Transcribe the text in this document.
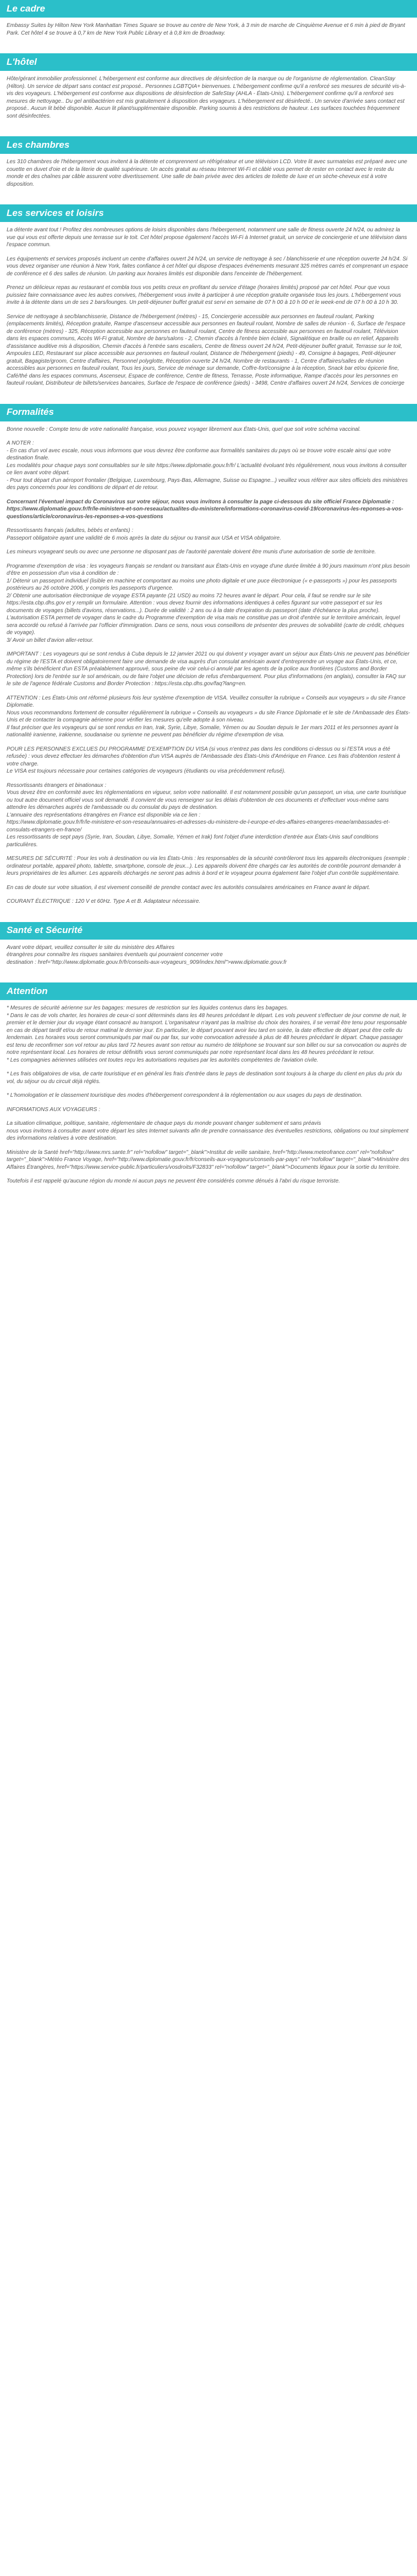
Le cadre

Embassy Suites by Hilton New York Manhattan Times Square se trouve au centre de New York, à 3 min de marche de Cinquième Avenue et 6 min à pied de Bryant Park. Cet hôtel 4 se trouve à 0,7 km de New York Public Library et à 0,8 km de Broadway.

L'hôtel

Hôte/gérant immobilier professionnel. L'hébergement est conforme aux directives de désinfection de la marque ou de l'organisme de réglementation. CleanStay (Hilton). Un service de départ sans contact est proposé.. Personnes LGBTQIA+ bienvenues. L'hébergement confirme qu'il a renforcé ses mesures de sécurité vis-à-vis des voyageurs. L'hébergement est conforme aux dispositions de désinfection de SafeStay (AHLA - États-Unis). L'hébergement confirme qu'il a renforcé ses mesures de nettoyage.. Du gel antibactérien est mis gratuitement à disposition des voyageurs. L'hébergement est désinfecté.. Un service d'arrivée sans contact est proposé.. Aucun lit bébé disponible. Aucun lit pliant/supplémentaire disponible. Parking soumis à des restrictions de hauteur. Les surfaces touchées fréquemment sont désinfectées.

Les chambres

Les 310 chambres de l'hébergement vous invitent à la détente et comprennent un réfrigérateur et une télévision LCD. Votre lit avec surmatelas est préparé avec une couette en duvet d'oie et de la literie de qualité supérieure. Un accès gratuit au réseau Internet Wi-Fi et câblé vous permet de rester en contact avec le reste du monde et des chaînes par câble assurent votre divertissement. Une salle de bain privée avec des articles de toilette de luxe et un sèche-cheveux est à votre disposition.

Les services et loisirs

La détente avant tout ! Profitez des nombreuses options de loisirs disponibles dans l'hébergement, notamment une salle de fitness ouverte 24 h/24, ou admirez la vue qui vous est offerte depuis une terrasse sur le toit. Cet hôtel propose également l'accès Wi-Fi à Internet gratuit, un service de conciergerie et une télévision dans l'espace commun.

Les équipements et services proposés incluent un centre d'affaires ouvert 24 h/24, un service de nettoyage à sec / blanchisserie et une réception ouverte 24 h/24. Si vous devez organiser une réunion à New York, faites confiance à cet hôtel qui dispose d'espaces événements mesurant 325 mètres carrés et comprenant un espace de conférence et 6 des salles de réunion. Un parking aux horaires limités est disponible dans l'enceinte de l'hébergement.

Prenez un délicieux repas au restaurant et combla tous vos petits creux en profitant du service d'étage (horaires limités) proposé par cet hôtel. Pour que vous puissiez faire connaissance avec les autres convives, l'hébergement vous invite à participer à une réception gratuite organisée tous les jours. L'hébergement vous invite à la détente dans un de ses 2 bars/lounges. Un petit-déjeuner buffet gratuit est servi en semaine de 07 h 00 à 10 h 00 et le week-end de 07 h 00 à 10 h 30.

Service de nettoyage à sec/blanchisserie, Distance de l'hébergement (mètres) - 15, Conciergerie accessible aux personnes en fauteuil roulant, Parking (emplacements limités), Réception gratuite, Rampe d'ascenseur accessible aux personnes en fauteuil roulant, Nombre de salles de réunion - 6, Surface de l'espace de conférence (mètres) - 325, Réception accessible aux personnes en fauteuil roulant, Centre de fitness accessible aux personnes en fauteuil roulant, Télévision dans les espaces communs, Accès Wi-Fi gratuit, Nombre de bars/salons - 2, Chemin d'accès à l'entrée bien éclairé, Signalétique en braille ou en relief, Appareils d'assistance auditive mis à disposition, Chemin d'accès à l'entrée sans escaliers, Centre de fitness ouvert 24 h/24, Petit-déjeuner buffet gratuit, Terrasse sur le toit, Ampoules LED, Restaurant sur place accessible aux personnes en fauteuil roulant, Distance de l'hébergement (pieds) - 49, Consigne à bagages, Petit-déjeuner gratuit, Bagagiste/groom, Centre d'affaires, Personnel polyglotte, Réception ouverte 24 h/24, Nombre de restaurants - 1, Centre d'affaires/salles de réunion accessibles aux personnes en fauteuil roulant, Tous les jours, Service de ménage sur demande, Coffre-fort/consigne à la réception, Snack bar et/ou épicerie fine, Café/thé dans les espaces communs, Ascenseur, Espace de conférence, Centre de fitness, Terrasse, Poste informatique, Rampe d'accès pour les personnes en fauteuil roulant, Distributeur de billets/services bancaires, Surface de l'espace de conférence (pieds) - 3498, Centre d'affaires ouvert 24 h/24, Services de concierge

Formalités

Bonne nouvelle : Compte tenu de votre nationalité française, vous pouvez voyager librement aux États-Unis, quel que soit votre schéma vaccinal.

A NOTER :
- En cas d'un vol avec escale, nous vous informons que vous devrez être conforme aux formalités sanitaires du pays où se trouve votre escale ainsi que votre destination finale.
Les modalités pour chaque pays sont consultables sur le site https://www.diplomatie.gouv.fr/fr/ L'actualité évoluant très régulièrement, nous vous invitons à consulter ce lien avant votre départ.
- Pour tout départ d'un aéroport frontalier (Belgique, Luxembourg, Pays-Bas, Allemagne, Suisse ou Espagne...) veuillez vous référer aux sites officiels des ministères des pays concernés pour les conditions de départ et de retour.

Concernant l'éventuel impact du Coronavirus sur votre séjour, nous vous invitons à consulter la page ci-dessous du site officiel France Diplomatie :
https://www.diplomatie.gouv.fr/fr/le-ministere-et-son-reseau/actualites-du-ministere/informations-coronavirus-covid-19/coronavirus-les-reponses-a-vos-questions/article/coronavirus-les-reponses-a-vos-questions

Ressortissants français (adultes, bébés et enfants) :
Passeport obligatoire ayant une validité de 6 mois après la date du séjour ou transit aux USA et VISA obligatoire.

Les mineurs voyageant seuls ou avec une personne ne disposant pas de l'autorité parentale doivent être munis d'une autorisation de sortie de territoire.

Programme d'exemption de visa : les voyageurs français se rendant ou transitant aux États-Unis en voyage d'une durée limitée à 90 jours maximum n'ont plus besoin d'être en possession d'un visa à condition de :
1/ Détenir un passeport individuel (lisible en machine et comportant au moins une photo digitale et une puce électronique (« e-passeports ») pour les passeports postérieurs au 26 octobre 2006, y compris les passeports d'urgence.
2/ Obtenir une autorisation électronique de voyage ESTA payante (21 USD) au moins 72 heures avant le départ. Pour cela, il faut se rendre sur le site https://esta.cbp.dhs.gov et y remplir un formulaire. Attention : vous devez fournir des informations identiques à celles figurant sur votre passeport et sur les documents de voyages (billets d'avions, réservations...). Durée de validité : 2 ans ou à la date d'expiration du passeport (date d'échéance la plus proche).
L'autorisation ESTA permet de voyager dans le cadre du Programme d'exemption de visa mais ne constitue pas un droit d'entrée sur le territoire américain, lequel sera accordé ou refusé à l'arrivée par l'officier d'immigration. Dans ce sens, nous vous conseillons de présenter des preuves de solvabilité (carte de crédit, chèques de voyage).
3/ Avoir un billet d'avion aller-retour.

IMPORTANT : Les voyageurs qui se sont rendus à Cuba depuis le 12 janvier 2021 ou qui doivent y voyager avant un séjour aux États-Unis ne peuvent pas bénéficier du régime de l'ESTA et doivent obligatoirement faire une demande de visa auprès d'un consulat américain avant d'entreprendre un voyage aux États-Unis, et ce, même s'ils bénéficient d'un ESTA préalablement approuvé, sous peine de voir celui-ci annulé par les agents de la police aux frontières (Customs and Border Protection) lors de l'entrée sur le sol américain, ou de faire l'objet une décision de refus d'embarquement. Pour plus d'informations (en anglais), consulter la FAQ sur le site de l'agence fédérale Customs and Border Protection : https://esta.cbp.dhs.gov/faq?lang=en.

ATTENTION : Les États-Unis ont réformé plusieurs fois leur système d'exemption de VISA. Veuillez consulter la rubrique « Conseils aux voyageurs » du site France Diplomatie.
Nous vous recommandons fortement de consulter régulièrement la rubrique « Conseils au voyageurs » du site France Diplomatie et le site de l'Ambassade des États-Unis et de contacter la compagnie aérienne pour vérifier les mesures qu'elle adopte à son niveau.
Il faut préciser que les voyageurs qui se sont rendus en Iran, Irak, Syrie, Libye, Somalie, Yémen ou au Soudan depuis le 1er mars 2011 et les personnes ayant la nationalité iranienne, irakienne, soudanaise ou syrienne ne peuvent pas bénéficier du régime d'exemption de visa.

POUR LES PERSONNES EXCLUES DU PROGRAMME D'EXEMPTION DU VISA (si vous n'entrez pas dans les conditions ci-dessus ou si l'ESTA vous a été refusée) : vous devez effectuer les démarches d'obtention d'un VISA auprès de l'Ambassade des États-Unis d'Amérique en France. Les frais d'obtention restent à votre charge.
Le VISA est toujours nécessaire pour certaines catégories de voyageurs (étudiants ou visa précédemment refusé).

Ressortissants étrangers et binationaux :
Vous devez être en conformité avec les réglementations en vigueur, selon votre nationalité. Il est notamment possible qu'un passeport, un visa, une carte touristique ou tout autre document officiel vous soit demandé. Il convient de vous renseigner sur les délais d'obtention de ces documents et d'effectuer vous-même sans attendre les démarches auprès de l'ambassade ou du consulat du pays de destination.
L'annuaire des représentations étrangères en France est disponible via ce lien :
https://www.diplomatie.gouv.fr/fr/le-ministere-et-son-reseau/annuaires-et-adresses-du-ministere-de-l-europe-et-des-affaires-etrangeres-meae/ambassades-et-consulats-etrangers-en-france/
Les ressortissants de sept pays (Syrie, Iran, Soudan, Libye, Somalie, Yémen et Irak) font l'objet d'une interdiction d'entrée aux États-Unis sauf conditions particulières.

MESURES DE SÉCURITÉ : Pour les vols à destination ou via les États-Unis : les responsables de la sécurité contrôleront tous les appareils électroniques (exemple : ordinateur portable, appareil photo, tablette, smartphone, console de jeux...). Les appareils doivent être chargés car les autorités de contrôle pourront demander à leurs propriétaires de les allumer. Les appareils déchargés ne seront pas admis à bord et le voyageur pourra également faire l'objet d'un contrôle supplémentaire.

En cas de doute sur votre situation, il est vivement conseillé de prendre contact avec les autorités consulaires américaines en France avant le départ.

COURANT ÉLECTRIQUE : 120 V et 60Hz. Type A et B. Adaptateur nécessaire.

Santé et Sécurité

Avant votre départ, veuillez consulter le site du ministère des Affaires
étrangères pour connaître les risques sanitaires éventuels qui pourraient concerner votre
destination : href="http://www.diplomatie.gouv.fr/fr/conseils-aux-voyageurs_909/index.html">www.diplomatie.gouv.fr

Attention

* Mesures de sécurité aérienne sur les bagages: mesures de restriction sur les liquides contenus dans les bagages.
* Dans le cas de vols charter, les horaires de ceux-ci sont déterminés dans les 48 heures précédant le départ. Les vols peuvent s'effectuer de jour comme de nuit, le premier et le dernier jour du voyage étant consacré au transport. L'organisateur n'ayant pas la maîtrise du choix des horaires, il se verrait être tenu pour responsable en cas de départ tardif et/ou de retour matinal le dernier jour. En particulier, le départ pouvant avoir lieu tard en soirée, la date effective de départ peut être celle du lendemain. Les horaires vous seront communiqués par mail ou par fax, sur votre convocation adressée à plus de 48 heures précédant le départ. Chaque passager est tenu de reconfirmer son vol retour au plus tard 72 heures avant son retour au numéro de téléphone se trouvant sur son billet ou sur sa convocation ou auprès de notre représentant local. Les horaires de retour définitifs vous seront communiqués par notre représentant local dans les 48 heures précédant le retour.
* Les compagnies aériennes utilisées ont toutes reçu les autorisations requises par les autorités compétentes de l'aviation civile.

* Les frais obligatoires de visa, de carte touristique et en général les frais d'entrée dans le pays de destination sont toujours à la charge du client en plus du prix du vol, du séjour ou du circuit déjà réglés.

* L'homologation et le classement touristique des modes d'hébergement correspondent à la réglementation ou aux usages du pays de destination.

INFORMATIONS AUX VOYAGEURS :

La situation climatique, politique, sanitaire, réglementaire de chaque pays du monde pouvant changer subitement et sans préavis
nous vous invitons à consulter avant votre départ les sites Internet suivants afin de prendre connaissance des éventuelles restrictions, obligations ou tout simplement des informations relatives à votre destination.

Ministère de la Santé href="http://www.mrs.sante.fr" rel="nofollow" target="_blank">Institut de veille sanitaire, href="http://www.meteofrance.com" rel="nofollow" target="_blank">Météo France Voyage, href="http://www.diplomatie.gouv.fr/fr/conseils-aux-voyageurs/conseils-par-pays" rel="nofollow" target="_blank">Ministère des Affaires Étrangères, href="https://www.service-public.fr/particuliers/vosdroits/F32833" rel="nofollow" target="_blank">Documents légaux pour la sortie du territoire.

Toutefois il est rappelé qu'aucune région du monde ni aucun pays ne peuvent être considérés comme dénués à l'abri du risque terroriste.
